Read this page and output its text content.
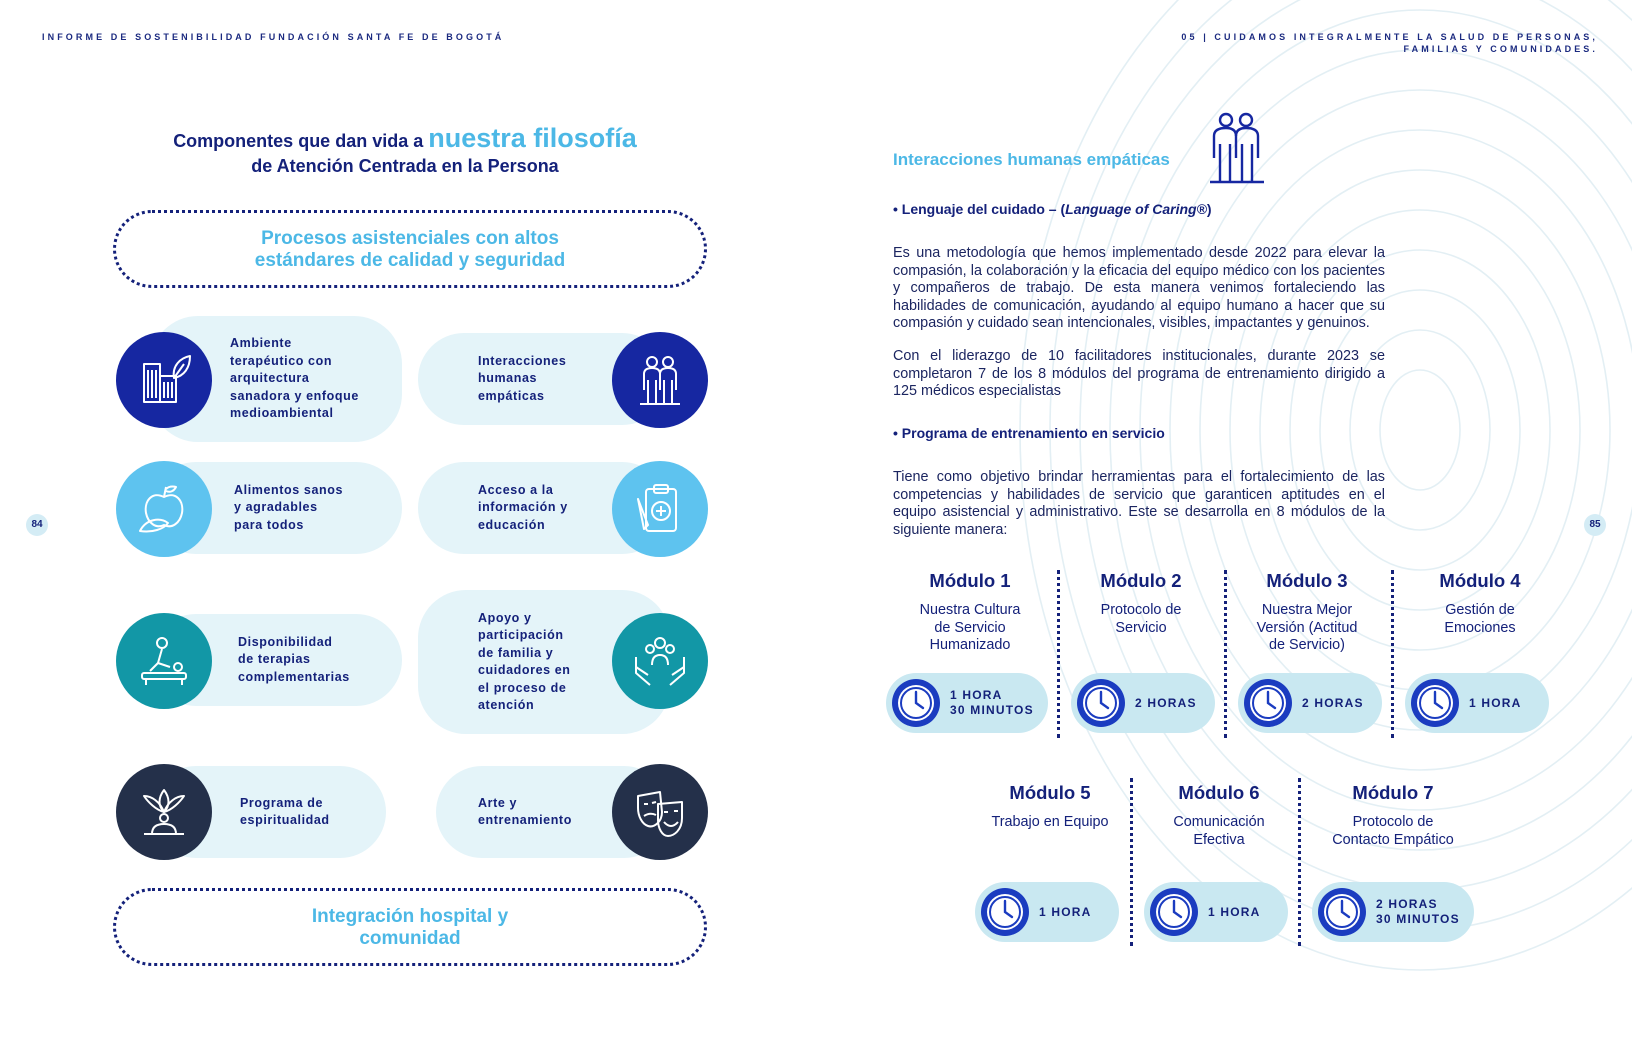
INFORME DE SOSTENIBILIDAD FUNDACIÓN SANTA FE DE BOGOTÁ	05 | CUIDAMOS INTEGRALMENTE LA SALUD DE PERSONAS,
FAMILIAS Y COMUNIDADES.
84	85
Componentes que dan vida a nuestra filosofía
de Atención Centrada en la Persona
Procesos asistenciales con altos
estándares de calidad y seguridad
Ambiente
terapéutico con
arquitectura
sanadora y enfoque
medioambiental
Interacciones
humanas
empáticas
Alimentos sanos
y agradables
para todos
Acceso a la
información y
educación
Disponibilidad
de terapias
complementarias
Apoyo y
participación
de familia y
cuidadores en
el proceso de
atención
Programa de
espiritualidad
Arte y
entrenamiento
Integración hospital y
comunidad
Interacciones humanas empáticas
• Lenguaje del cuidado – (Language of Caring®)
Es una metodología que hemos implementado desde 2022 para elevar la compasión, la colaboración y la eficacia del equipo médico con los pacientes y compañeros de trabajo. De esta manera venimos fortaleciendo las habilidades de comunicación, ayudando al equipo humano a hacer que su compasión y cuidado sean intencionales, visibles, impactantes y genuinos.
Con el liderazgo de 10 facilitadores institucionales, durante 2023 se completaron 7 de los 8 módulos del programa de entrenamiento dirigido a 125 médicos especialistas
• Programa de entrenamiento en servicio
Tiene como objetivo brindar herramientas para el fortalecimiento de las competencias y habilidades de servicio que garanticen aptitudes en el equipo asistencial y administrativo. Este se desarrolla en 8 módulos de la siguiente manera:
Módulo 1
Nuestra Cultura
de Servicio
Humanizado
Módulo 2
Protocolo de
Servicio
Módulo 3
Nuestra Mejor
Versión (Actitud
de Servicio)
Módulo 4
Gestión de
Emociones
1 HORA
30 MINUTOS
2 HORAS	2 HORAS	1 HORA
Módulo 5
Trabajo en Equipo
Módulo 6
Comunicación
Efectiva
Módulo 7
Protocolo de
Contacto Empático
1 HORA	1 HORA
2 HORAS
30 MINUTOS
